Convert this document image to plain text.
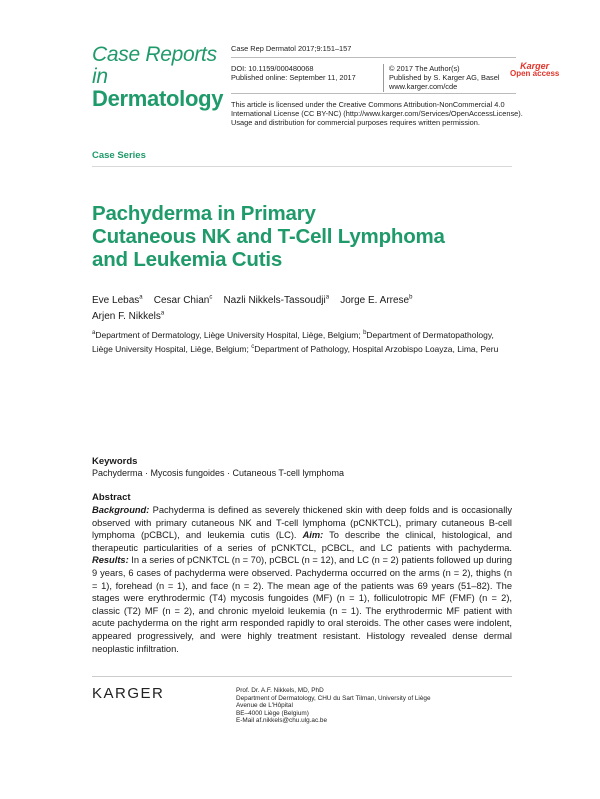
Case Reports in
Dermatology
Case Rep Dermatol 2017;9:151–157
DOI: 10.1159/000480068
Published online: September 11, 2017
© 2017 The Author(s)
Published by S. Karger AG, Basel
www.karger.com/cde
Karger
Open access
This article is licensed under the Creative Commons Attribution-NonCommercial 4.0
International License (CC BY-NC) (http://www.karger.com/Services/OpenAccessLicense).
Usage and distribution for commercial purposes requires written permission.
Case Series
Pachyderma in Primary
Cutaneous NK and T-Cell Lymphoma
and Leukemia Cutis
Eve Lebas$^a$ Cesar Chian$^c$ Nazli Nikkels-Tassoudji$^a$ Jorge E. Arrese$^b$
Arjen F. Nikkels$^a$
$^a$Department of Dermatology, Liège University Hospital, Liège, Belgium; $^b$Department of Dermatopathology, Liège University Hospital, Liège, Belgium; $^c$Department of Pathology, Hospital Arzobispo Loayza, Lima, Peru
Keywords
Pachyderma · Mycosis fungoides · Cutaneous T-cell lymphoma
Abstract
Background: Pachyderma is defined as severely thickened skin with deep folds and is occasionally observed with primary cutaneous NK and T-cell lymphoma (pCNKTCL), primary cutaneous B-cell lymphoma (pCBCL), and leukemia cutis (LC). Aim: To describe the clinical, histological, and therapeutic particularities of a series of pCNKTCL, pCBCL, and LC patients with pachyderma. Results: In a series of pCNKTCL (n = 70), pCBCL (n = 12), and LC (n = 2) patients followed up during 9 years, 6 cases of pachyderma were observed. Pachyderma occurred on the arms (n = 2), thighs (n = 1), forehead (n = 1), and face (n = 2). The mean age of the patients was 69 years (51–82). The stages were erythrodermic (T4) mycosis fungoides (MF) (n = 1), folliculotropic MF (FMF) (n = 2), classic (T2) MF (n = 2), and chronic myeloid leukemia (n = 1). The erythrodermic MF patient with acute pachyderma on the right arm responded rapidly to oral steroids. The other cases were indolent, appeared progressively, and were highly treatment resistant. Histology revealed dense dermal neoplastic infiltration.
KARGER	Prof. Dr. A.F. Nikkels, MD, PhD
Department of Dermatology, CHU du Sart Tilman, University of Liège
Avenue de L'Hôpital
BE–4000 Liège (Belgium)
E-Mail af.nikkels@chu.ulg.ac.be
